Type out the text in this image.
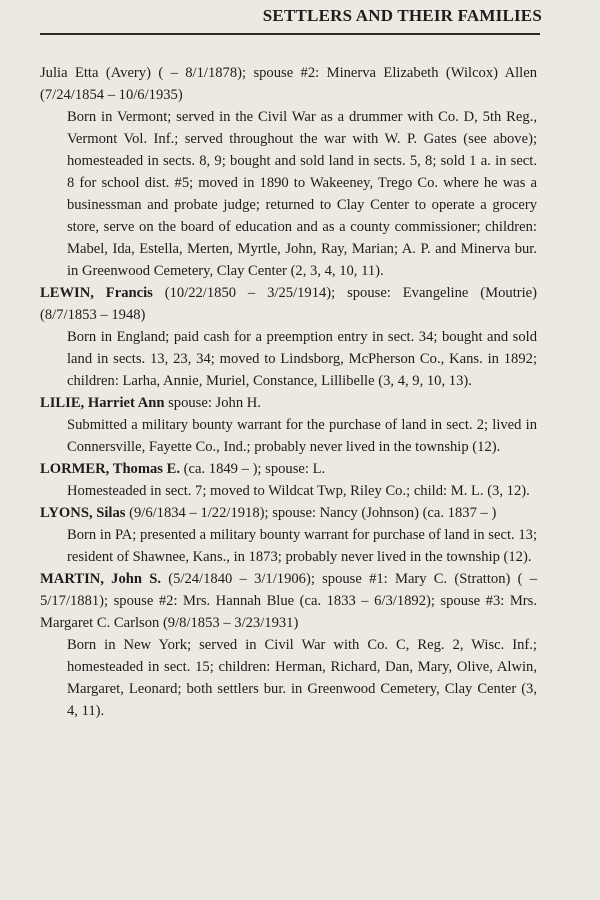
SETTLERS AND THEIR FAMILIES

Julia Etta (Avery) ( – 8/1/1878); spouse #2: Minerva Elizabeth (Wilcox) Allen (7/24/1854 – 10/6/1935)

Born in Vermont; served in the Civil War as a drummer with Co. D, 5th Reg., Vermont Vol. Inf.; served throughout the war with W. P. Gates (see above); homesteaded in sects. 8, 9; bought and sold land in sects. 5, 8; sold 1 a. in sect. 8 for school dist. #5; moved in 1890 to Wakeeney, Trego Co. where he was a businessman and probate judge; returned to Clay Center to operate a grocery store, serve on the board of education and as a county commissioner; children: Mabel, Ida, Estella, Merten, Myrtle, John, Ray, Marian; A. P. and Minerva bur. in Greenwood Cemetery, Clay Center (2, 3, 4, 10, 11).

LEWIN, Francis (10/22/1850 – 3/25/1914); spouse: Evangeline (Moutrie) (8/7/1853 – 1948)

Born in England; paid cash for a preemption entry in sect. 34; bought and sold land in sects. 13, 23, 34; moved to Lindsborg, McPherson Co., Kans. in 1892; children: Larha, Annie, Muriel, Constance, Lillibelle (3, 4, 9, 10, 13).

LILIE, Harriet Ann spouse: John H.

Submitted a military bounty warrant for the purchase of land in sect. 2; lived in Connersville, Fayette Co., Ind.; probably never lived in the township (12).

LORMER, Thomas E. (ca. 1849 – ); spouse: L.

Homesteaded in sect. 7; moved to Wildcat Twp, Riley Co.; child: M. L. (3, 12).

LYONS, Silas (9/6/1834 – 1/22/1918); spouse: Nancy (Johnson) (ca. 1837 – )

Born in PA; presented a military bounty warrant for purchase of land in sect. 13; resident of Shawnee, Kans., in 1873; probably never lived in the township (12).

MARTIN, John S. (5/24/1840 – 3/1/1906); spouse #1: Mary C. (Stratton) ( – 5/17/1881); spouse #2: Mrs. Hannah Blue (ca. 1833 – 6/3/1892); spouse #3: Mrs. Margaret C. Carlson (9/8/1853 – 3/23/1931)

Born in New York; served in Civil War with Co. C, Reg. 2, Wisc. Inf.; homesteaded in sect. 15; children: Herman, Richard, Dan, Mary, Olive, Alwin, Margaret, Leonard; both settlers bur. in Greenwood Cemetery, Clay Center (3, 4, 11).
